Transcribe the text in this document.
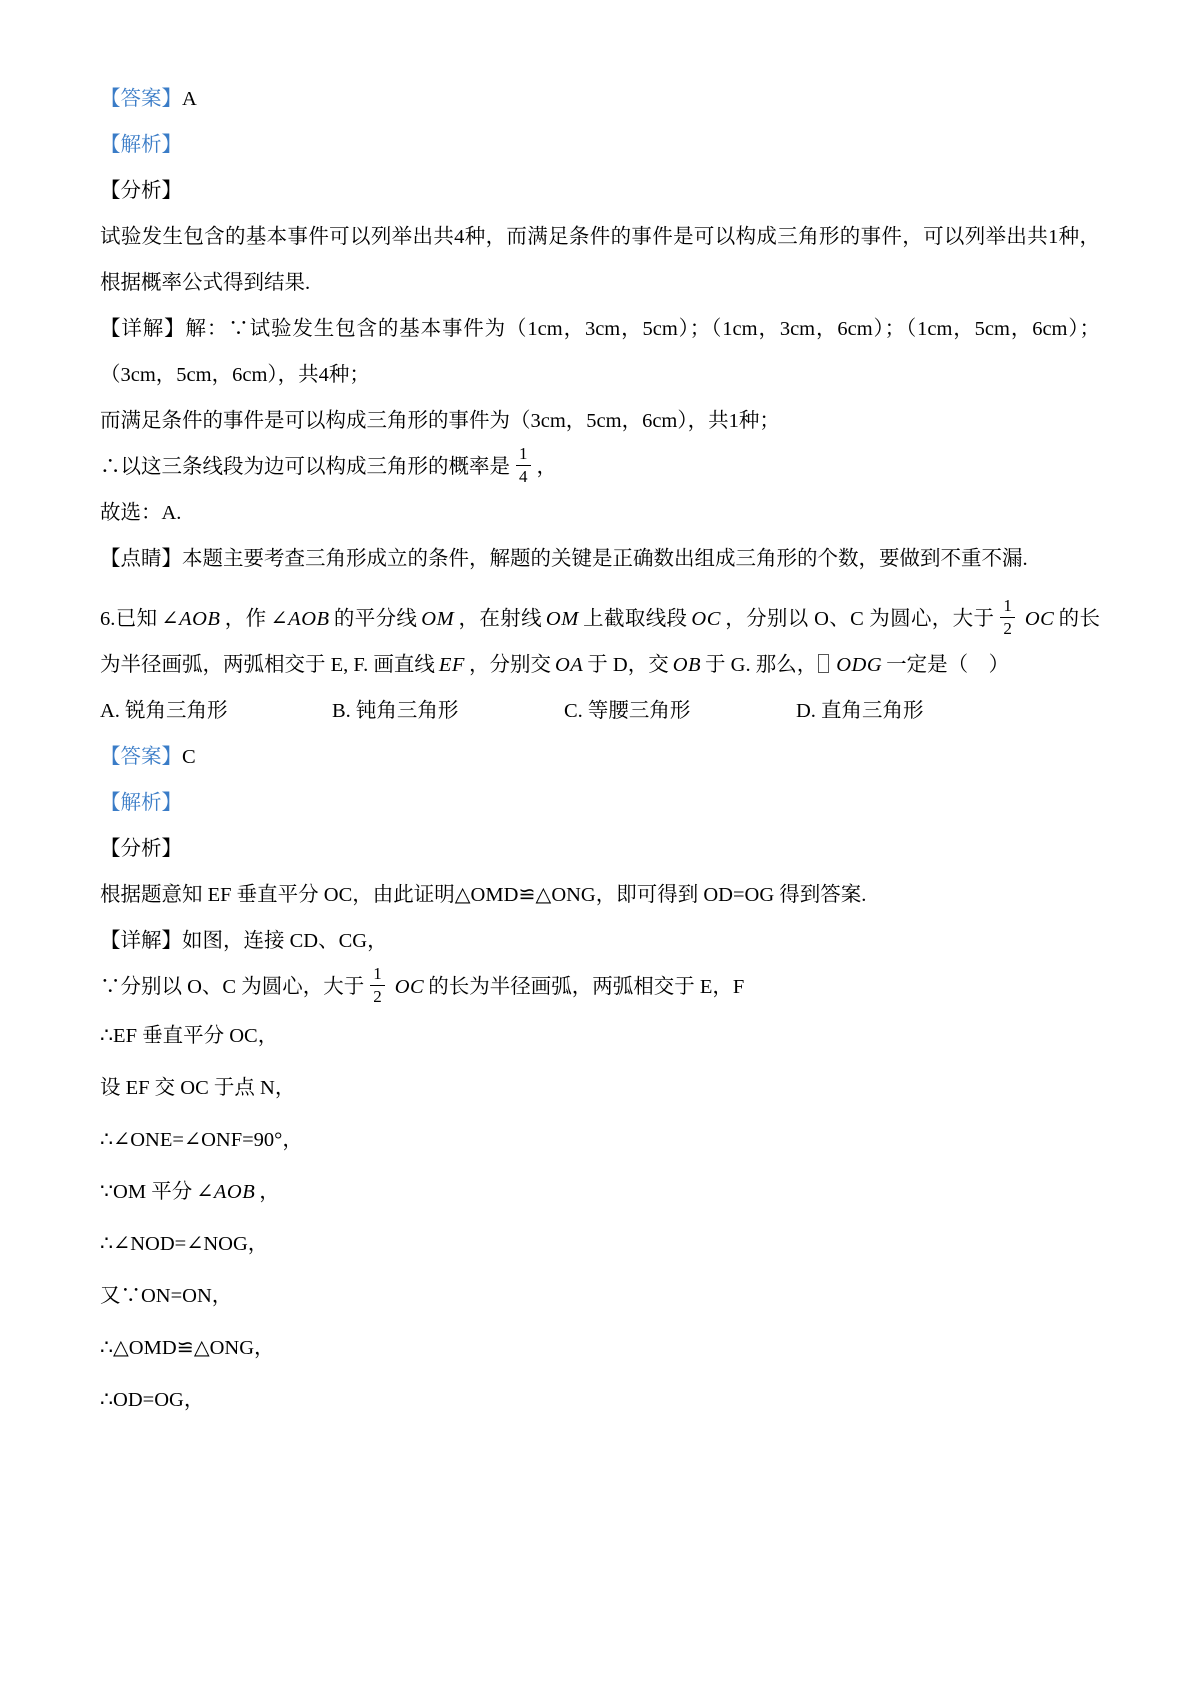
【答案】A
【解析】
【分析】
试验发生包含的基本事件可以列举出共4种，而满足条件的事件是可以构成三角形的事件，可以列举出共1种，根据概率公式得到结果.
【详解】解：∵试验发生包含的基本事件为（1cm，3cm，5cm）；（1cm，3cm，6cm）；（1cm，5cm，6cm）；（3cm，5cm，6cm），共4种；
而满足条件的事件是可以构成三角形的事件为（3cm，5cm，6cm），共1种；
∴以这三条线段为边可以构成三角形的概率是 $\frac{1}{4}$ ，
故选：A.
【点睛】本题主要考查三角形成立的条件，解题的关键是正确数出组成三角形的个数，要做到不重不漏.
6.已知 ∠AOB ，作 ∠AOB 的平分线 OM ，在射线 OM 上截取线段 OC ，分别以 O、C 为圆心，大于 $\frac{1}{2}$ OC 的长为半径画弧，两弧相交于 E, F. 画直线 EF ，分别交 OA 于 D，交 OB 于 G. 那么， ODG 一定是（　）
A. 锐角三角形	B. 钝角三角形	C. 等腰三角形	D. 直角三角形
【答案】C
【解析】
【分析】
根据题意知 EF 垂直平分 OC，由此证明△OMD≌△ONG，即可得到 OD=OG 得到答案.
【详解】如图，连接 CD、CG，
∵分别以 O、C 为圆心，大于 $\frac{1}{2}$ OC 的长为半径画弧，两弧相交于 E，F
∴EF 垂直平分 OC，
设 EF 交 OC 于点 N，
∴∠ONE=∠ONF=90°，
∵OM 平分 ∠AOB ，
∴∠NOD=∠NOG，
又∵ON=ON，
∴△OMD≌△ONG，
∴OD=OG，
